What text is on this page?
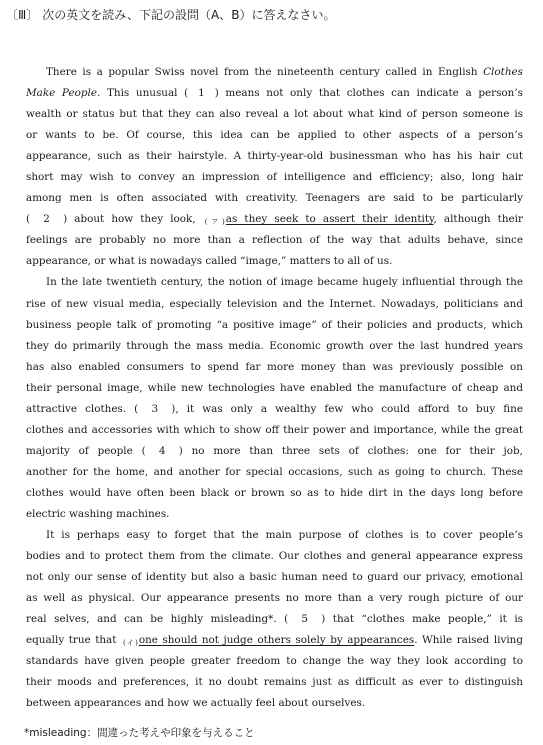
〔Ⅲ〕 次の英文を読み、下記の設問（A、B）に答えなさい。
There is a popular Swiss novel from the nineteenth century called in English Clothes
Make People. This unusual ( 1 ) means not only that clothes can indicate a person’s
wealth or status but that they can also reveal a lot about what kind of person someone is
or wants to be. Of course, this idea can be applied to other aspects of a person’s
appearance, such as their hairstyle. A thirty-year-old businessman who has his hair cut
short may wish to convey an impression of intelligence and efficiency; also, long hair
among men is often associated with creativity. Teenagers are said to be particularly
( 2 ) about how they look, (ア)as they seek to assert their identity, although their
feelings are probably no more than a reflection of the way that adults behave, since
appearance, or what is nowadays called “image,” matters to all of us.
In the late twentieth century, the notion of image became hugely influential through the
rise of new visual media, especially television and the Internet. Nowadays, politicians and
business people talk of promoting “a positive image” of their policies and products, which
they do primarily through the mass media. Economic growth over the last hundred years
has also enabled consumers to spend far more money than was previously possible on
their personal image, while new technologies have enabled the manufacture of cheap and
attractive clothes. ( 3 ), it was only a wealthy few who could afford to buy fine
clothes and accessories with which to show off their power and importance, while the great
majority of people ( 4 ) no more than three sets of clothes: one for their job,
another for the home, and another for special occasions, such as going to church. These
clothes would have often been black or brown so as to hide dirt in the days long before
electric washing machines.
It is perhaps easy to forget that the main purpose of clothes is to cover people’s
bodies and to protect them from the climate. Our clothes and general appearance express
not only our sense of identity but also a basic human need to guard our privacy, emotional
as well as physical. Our appearance presents no more than a very rough picture of our
real selves, and can be highly misleading*. ( 5 ) that “clothes make people,” it is
equally true that (イ)one should not judge others solely by appearances. While raised living
standards have given people greater freedom to change the way they look according to
their moods and preferences, it no doubt remains just as difficult as ever to distinguish
between appearances and how we actually feel about ourselves.
*misleading：間違った考えや印象を与えること
